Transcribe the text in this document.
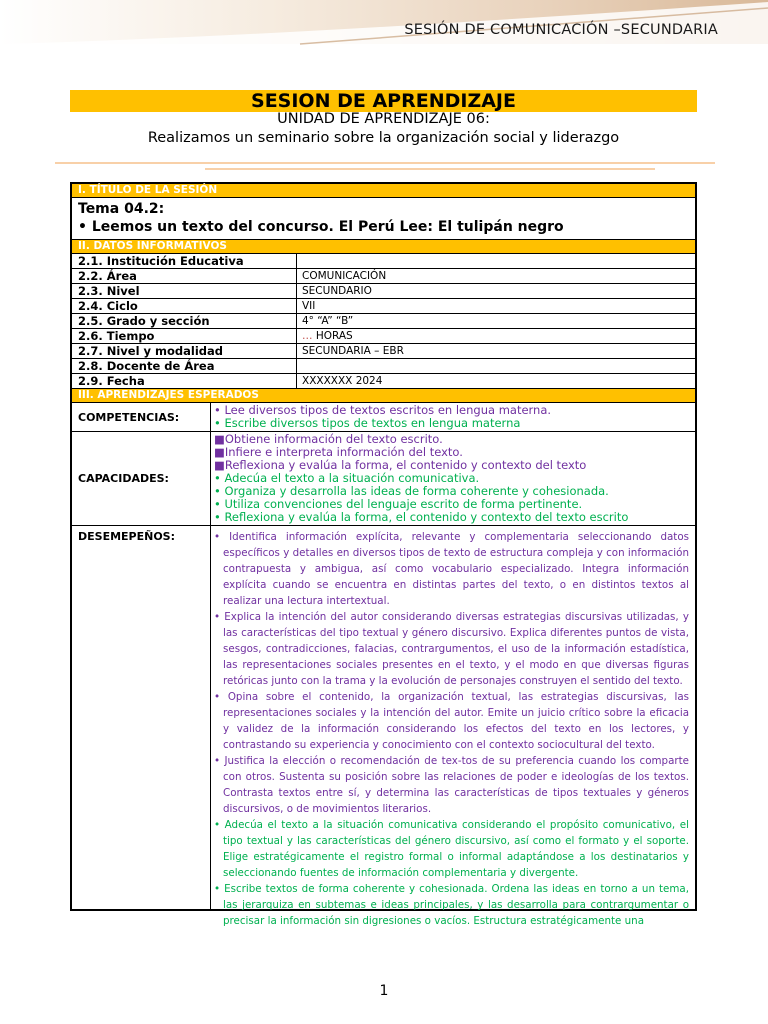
SESIÓN DE COMUNICACIÓN –SECUNDARIA
SESION DE APRENDIZAJE
UNIDAD DE APRENDIZAJE 06:
Realizamos un seminario sobre la organización social y liderazgo
I. TÍTULO DE LA SESIÓN
Tema 04.2:
• Leemos un texto del concurso. El Perú Lee: El tulipán negro
II. DATOS INFORMATIVOS
2.1. Institución Educativa
2.2. Área	COMUNICACIÓN
2.3. Nivel	SECUNDARIO
2.4. Ciclo	VII
2.5. Grado y sección	4° “A” “B”
2.6. Tiempo	… HORAS
2.7. Nivel y modalidad	SECUNDARIA – EBR
2.8. Docente de Área
2.9. Fecha	XXXXXXX 2024
III. APRENDIZAJES ESPERADOS
COMPETENCIAS:	• Lee diversos tipos de textos escritos en lengua materna.
• Escribe diversos tipos de textos en lengua materna
CAPACIDADES:
■Obtiene información del texto escrito.
■Infiere e interpreta información del texto.
■Reflexiona y evalúa la forma, el contenido y contexto del texto
• Adecúa el texto a la situación comunicativa.
• Organiza y desarrolla las ideas de forma coherente y cohesionada.
• Utiliza convenciones del lenguaje escrito de forma pertinente.
• Reflexiona y evalúa la forma, el contenido y contexto del texto escrito
DESEMEPEÑOS:	• Identifica información explícita, relevante y complementaria seleccionando datos específicos y detalles en diversos tipos de texto de estructura compleja y con información contrapuesta y ambigua, así como vocabulario especializado. Integra información explícita cuando se encuentra en distintas partes del texto, o en distintos textos al realizar una lectura intertextual.

• Explica la intención del autor considerando diversas estrategias discursivas utilizadas, y las características del tipo textual y género discursivo. Explica diferentes puntos de vista, sesgos, contradicciones, falacias, contrargumentos, el uso de la información estadística, las representaciones sociales presentes en el texto, y el modo en que diversas figuras retóricas junto con la trama y la evolución de personajes construyen el sentido del texto.

• Opina sobre el contenido, la organización textual, las estrategias discursivas, las representaciones sociales y la intención del autor. Emite un juicio crítico sobre la eficacia y validez de la información considerando los efectos del texto en los lectores, y contrastando su experiencia y conocimiento con el contexto sociocultural del texto.

• Justifica la elección o recomendación de tex-tos de su preferencia cuando los comparte con otros. Sustenta su posición sobre las relaciones de poder e ideologías de los textos. Contrasta textos entre sí, y determina las características de tipos textuales y géneros discursivos, o de movimientos literarios.

• Adecúa el texto a la situación comunicativa considerando el propósito comunicativo, el tipo textual y las características del género discursivo, así como el formato y el soporte. Elige estratégicamente el registro formal o informal adaptándose a los destinatarios y seleccionando fuentes de información complementaria y divergente.

• Escribe textos de forma coherente y cohesionada. Ordena las ideas en torno a un tema, las jerarquiza en subtemas e ideas principales, y las desarrolla para contrargumentar o precisar la información sin digresiones o vacíos. Estructura estratégicamente una

1
